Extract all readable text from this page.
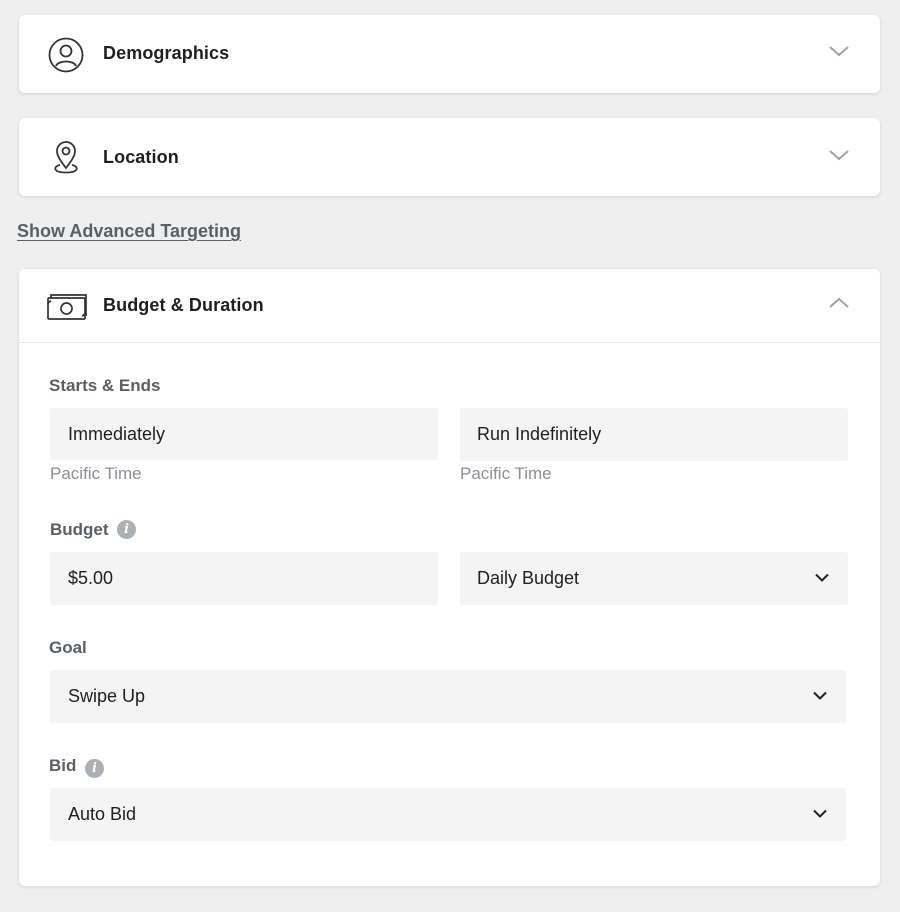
Demographics
Location
Show Advanced Targeting
Budget & Duration
Starts & Ends
Immediately	Run Indefinitely
Pacific Time	Pacific Time
Budget	i
$5.00	Daily Budget
Goal
Swipe Up
Bid	i
Auto Bid
